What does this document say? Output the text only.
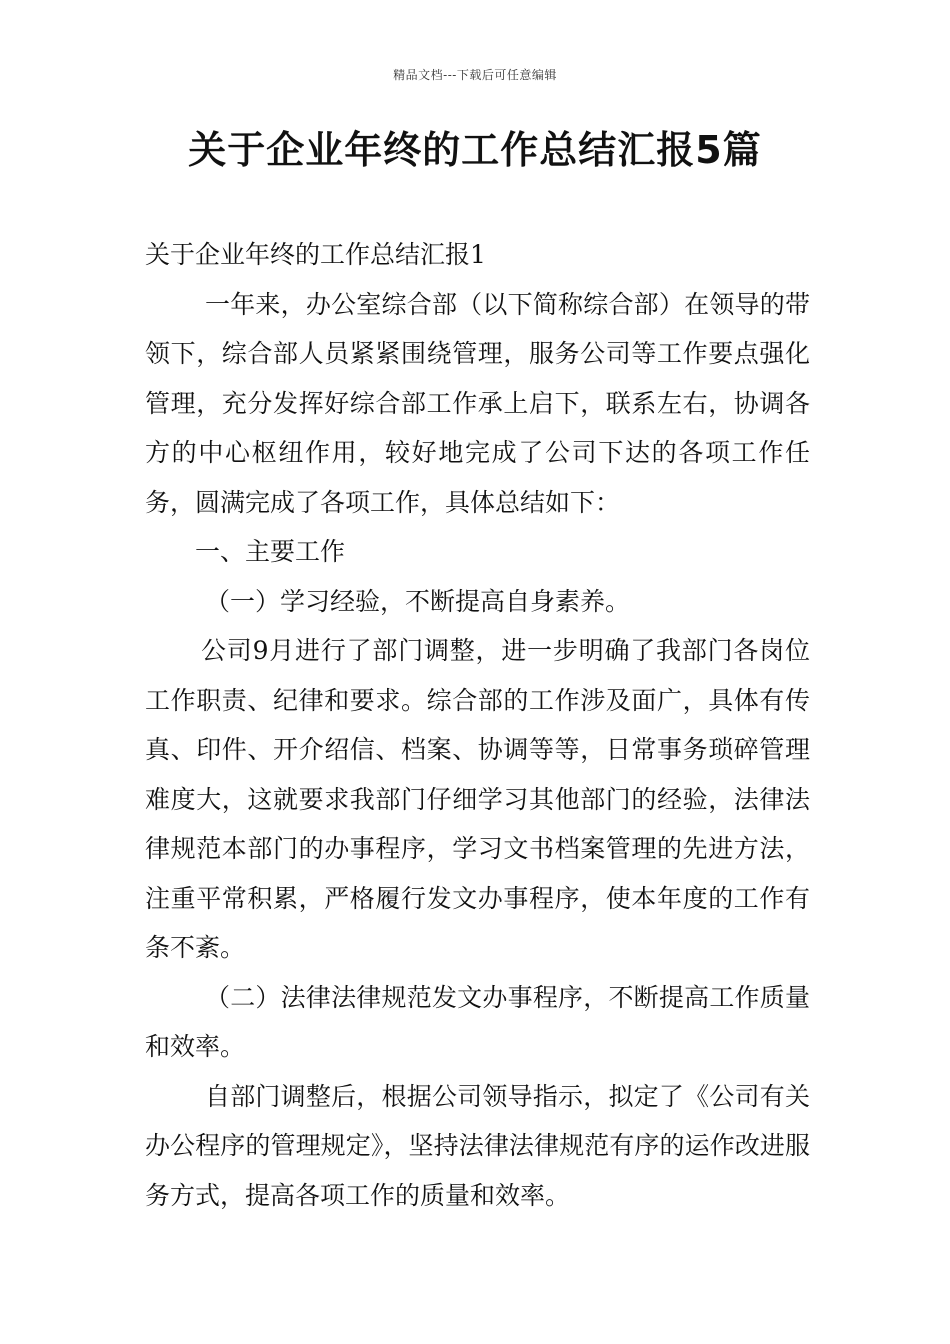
精品文档---下载后可任意编辑
关于企业年终的工作总结汇报5篇
关于企业年终的工作总结汇报1

一年来，办公室综合部（以下简称综合部）在领导的带领下，综合部人员紧紧围绕管理，服务公司等工作要点强化管理，充分发挥好综合部工作承上启下，联系左右，协调各方的中心枢纽作用，较好地完成了公司下达的各项工作任务，圆满完成了各项工作，具体总结如下：

一、主要工作

（一）学习经验，不断提高自身素养。

公司9月进行了部门调整，进一步明确了我部门各岗位工作职责、纪律和要求。综合部的工作涉及面广，具体有传真、印件、开介绍信、档案、协调等等，日常事务琐碎管理难度大，这就要求我部门仔细学习其他部门的经验，法律法律规范本部门的办事程序，学习文书档案管理的先进方法，注重平常积累，严格履行发文办事程序，使本年度的工作有条不紊。

（二）法律法律规范发文办事程序，不断提高工作质量和效率。

自部门调整后，根据公司领导指示，拟定了《公司有关办公程序的管理规定》，坚持法律法律规范有序的运作改进服务方式，提高各项工作的质量和效率。
